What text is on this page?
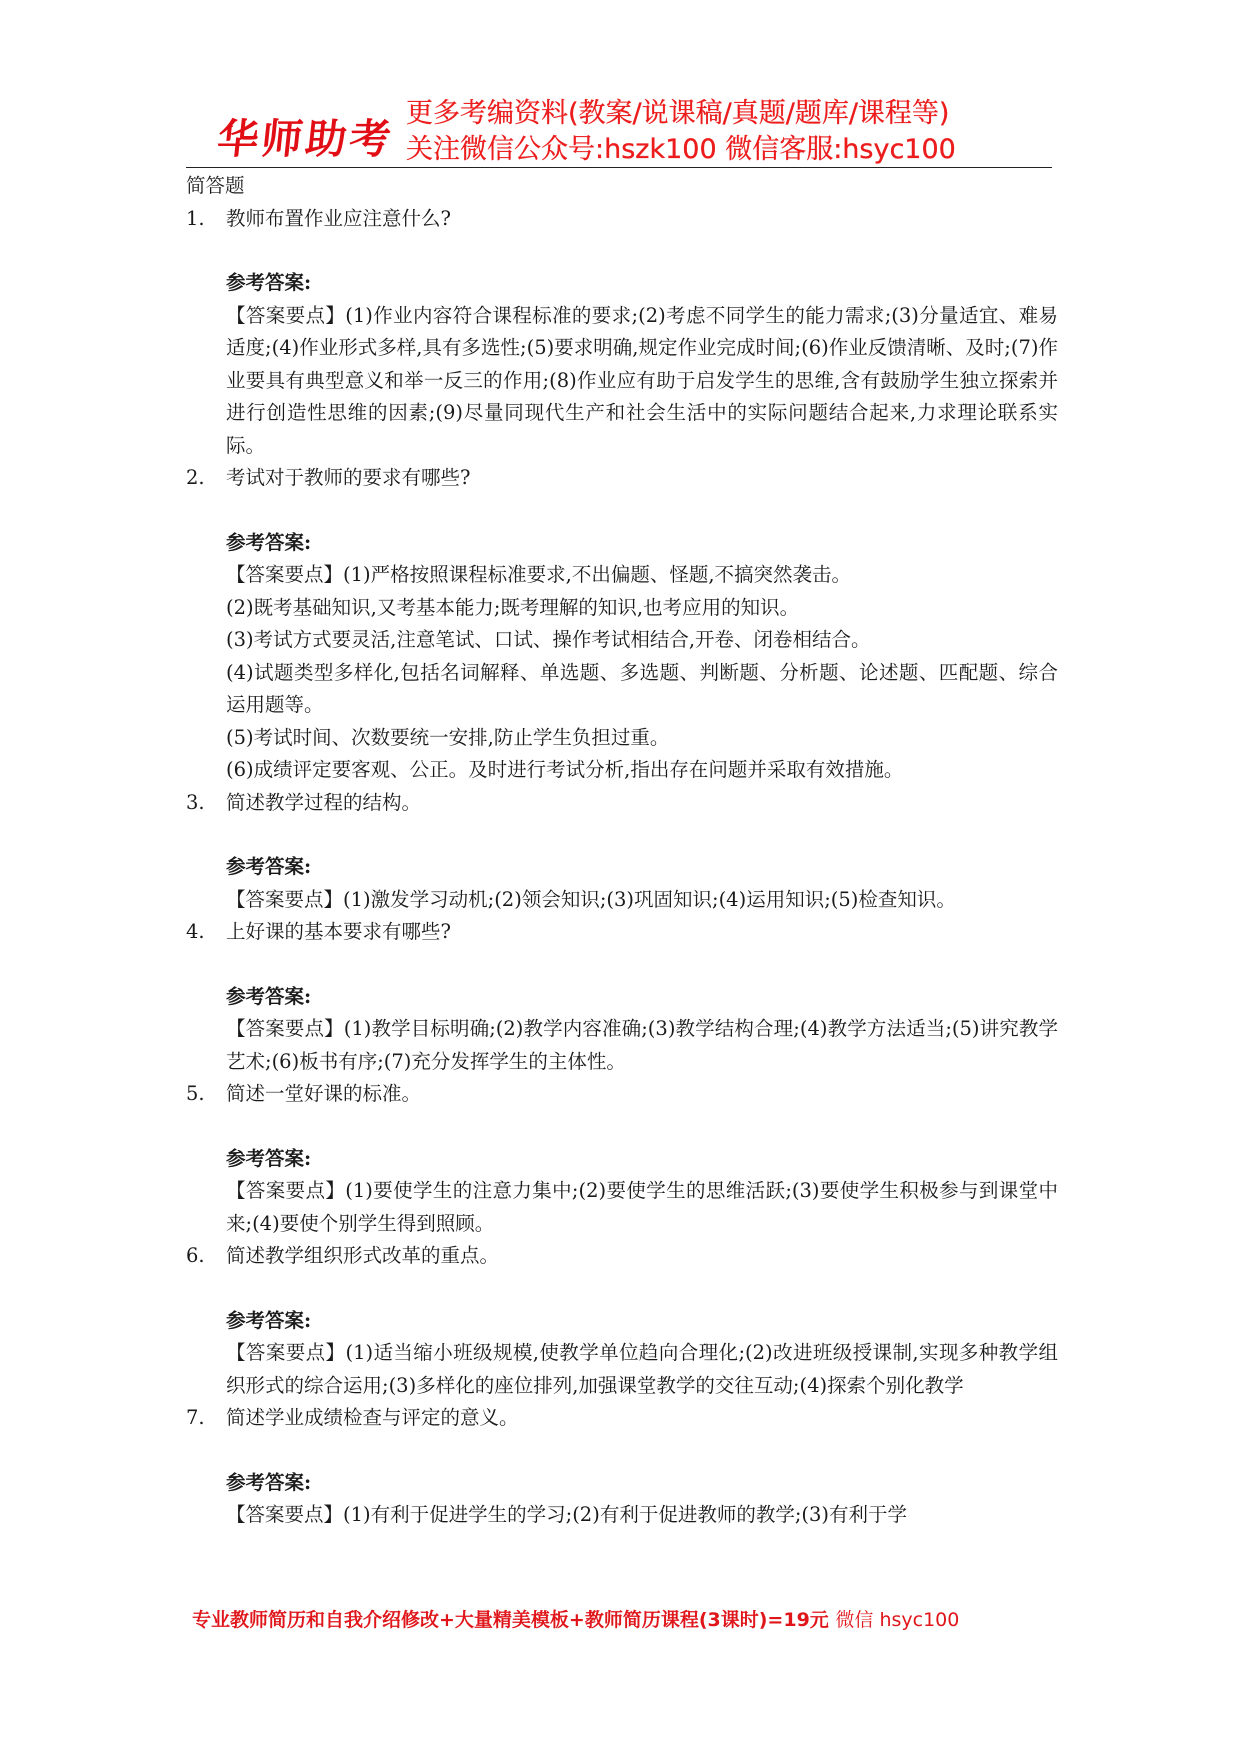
华师助考
更多考编资料(教案/说课稿/真题/题库/课程等)
关注微信公众号:hszk100 微信客服:hsyc100
简答题
1.	教师布置作业应注意什么?
参考答案:
【答案要点】(1)作业内容符合课程标准的要求;(2)考虑不同学生的能力需求;(3)分量适宜、难易适度;(4)作业形式多样,具有多选性;(5)要求明确,规定作业完成时间;(6)作业反馈清晰、及时;(7)作业要具有典型意义和举一反三的作用;(8)作业应有助于启发学生的思维,含有鼓励学生独立探索并进行创造性思维的因素;(9)尽量同现代生产和社会生活中的实际问题结合起来,力求理论联系实际。
2.	考试对于教师的要求有哪些?
参考答案:
【答案要点】(1)严格按照课程标准要求,不出偏题、怪题,不搞突然袭击。
(2)既考基础知识,又考基本能力;既考理解的知识,也考应用的知识。
(3)考试方式要灵活,注意笔试、口试、操作考试相结合,开卷、闭卷相结合。
(4)试题类型多样化,包括名词解释、单选题、多选题、判断题、分析题、论述题、匹配题、综合运用题等。
(5)考试时间、次数要统一安排,防止学生负担过重。
(6)成绩评定要客观、公正。及时进行考试分析,指出存在问题并采取有效措施。
3.	简述教学过程的结构。
参考答案:
【答案要点】(1)激发学习动机;(2)领会知识;(3)巩固知识;(4)运用知识;(5)检查知识。
4.	上好课的基本要求有哪些?
参考答案:
【答案要点】(1)教学目标明确;(2)教学内容准确;(3)教学结构合理;(4)教学方法适当;(5)讲究教学艺术;(6)板书有序;(7)充分发挥学生的主体性。
5.	简述一堂好课的标准。
参考答案:
【答案要点】(1)要使学生的注意力集中;(2)要使学生的思维活跃;(3)要使学生积极参与到课堂中来;(4)要使个别学生得到照顾。
6.	简述教学组织形式改革的重点。
参考答案:
【答案要点】(1)适当缩小班级规模,使教学单位趋向合理化;(2)改进班级授课制,实现多种教学组织形式的综合运用;(3)多样化的座位排列,加强课堂教学的交往互动;(4)探索个别化教学
7.	简述学业成绩检查与评定的意义。
参考答案:
【答案要点】(1)有利于促进学生的学习;(2)有利于促进教师的教学;(3)有利于学
专业教师简历和自我介绍修改+大量精美模板+教师简历课程(3课时)=19元 微信 hsyc100
